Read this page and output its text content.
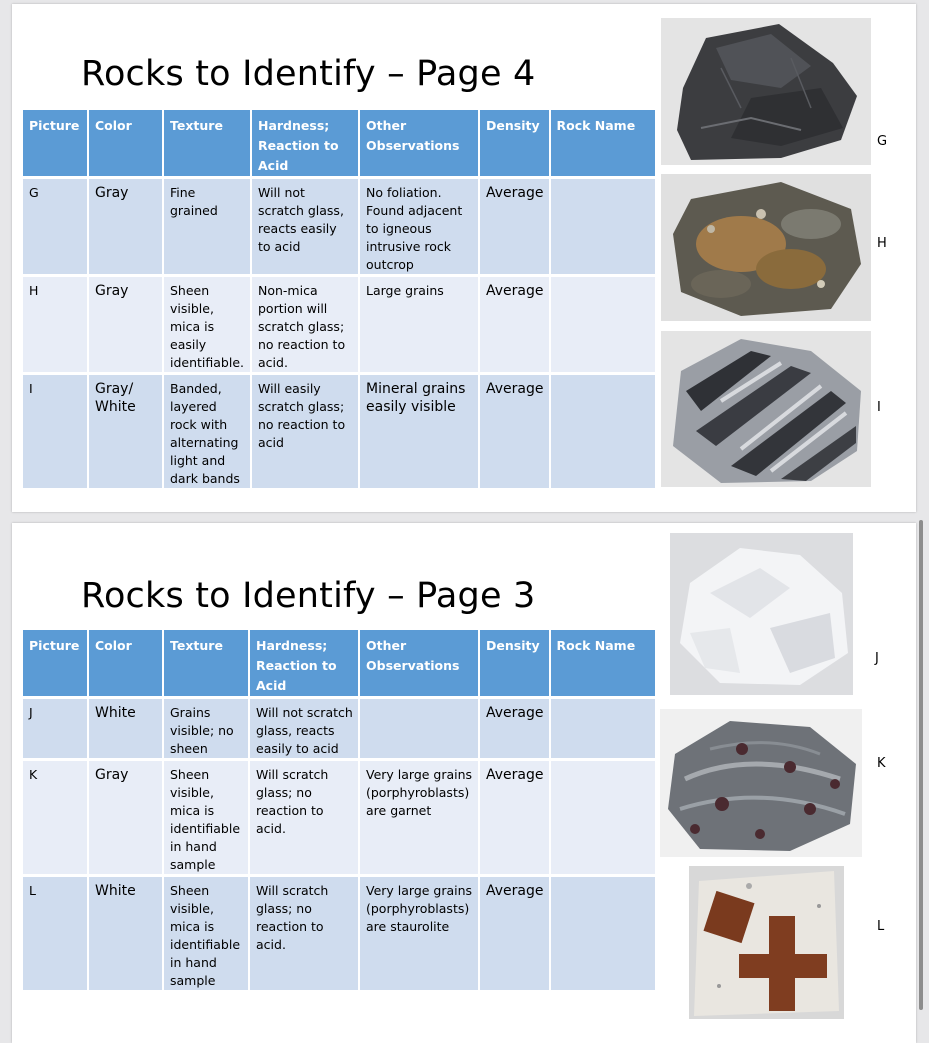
Rocks to Identify – Page 4
Picture	Color	Texture	Hardness; Reaction to Acid	Other Observations	Density	Rock Name
G	Gray	Fine grained	Will not scratch glass, reacts easily to acid	No foliation. Found adjacent to igneous intrusive rock outcrop	Average	
H	Gray	Sheen visible, mica is easily identifiable.	Non-mica portion will scratch glass; no reaction to acid.	Large grains	Average	
I	Gray/ White	Banded, layered rock with alternating light and dark bands	Will easily scratch glass; no reaction to acid	Mineral grains easily visible	Average	
G
H
I
Rocks to Identify – Page 3
Picture	Color	Texture	Hardness; Reaction to Acid	Other Observations	Density	Rock Name
J	White	Grains visible; no sheen	Will not scratch glass, reacts easily to acid		Average	
K	Gray	Sheen visible, mica is identifiable in hand sample	Will scratch glass; no reaction to acid.	Very large grains (porphyroblasts) are garnet	Average	
L	White	Sheen visible, mica is identifiable in hand sample	Will scratch glass; no reaction to acid.	Very large grains (porphyroblasts) are staurolite	Average	
J
K
L
